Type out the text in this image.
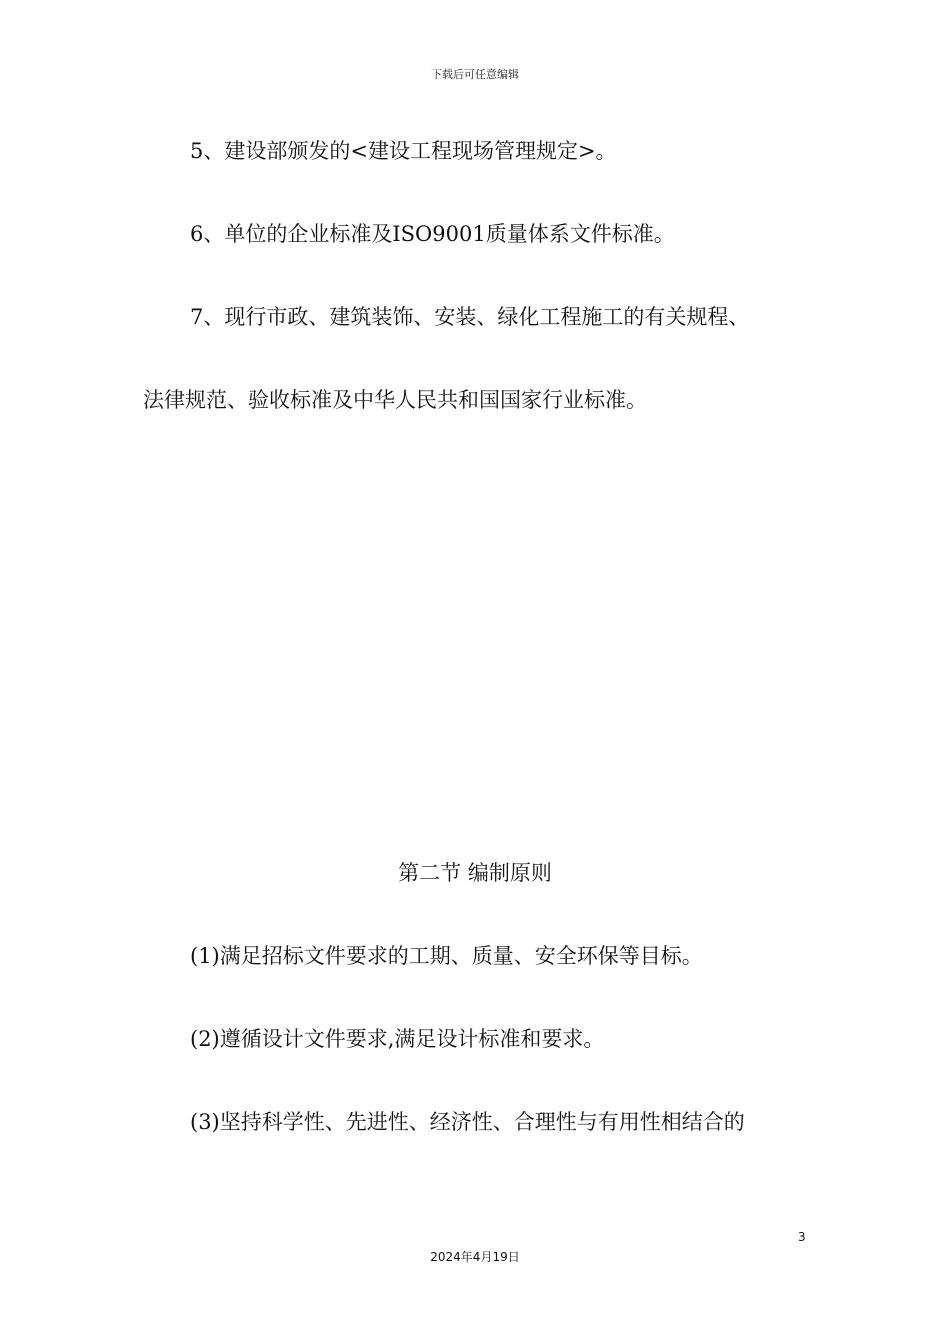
下载后可任意编辑
5、建设部颁发的<建设工程现场管理规定>。
6、单位的企业标准及ISO9001质量体系文件标准。
7、现行市政、建筑装饰、安装、绿化工程施工的有关规程、
法律规范、验收标准及中华人民共和国国家行业标准。
第二节 编制原则
(1)满足招标文件要求的工期、质量、安全环保等目标。
(2)遵循设计文件要求,满足设计标准和要求。
(3)坚持科学性、先进性、经济性、合理性与有用性相结合的
3
2024年4月19日
